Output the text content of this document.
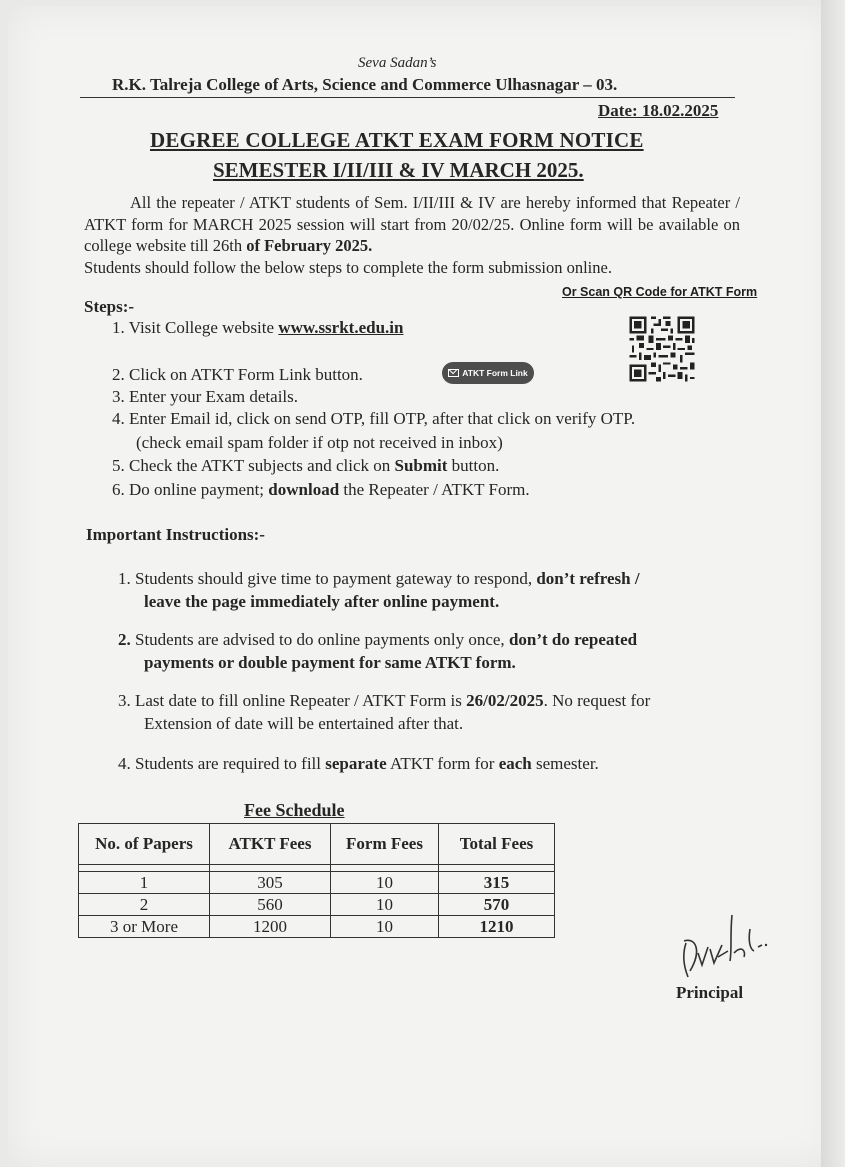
Seva Sadan’s
R.K. Talreja College of Arts, Science and Commerce Ulhasnagar – 03.
Date: 18.02.2025
DEGREE COLLEGE ATKT EXAM FORM NOTICE
SEMESTER I/II/III & IV MARCH 2025.

All the repeater / ATKT students of Sem. I/II/III & IV are hereby informed that Repeater / ATKT form for MARCH 2025 session will start from 20/02/25. Online form will be available on college website till 26th of February 2025.

Students should follow the below steps to complete the form submission online.

Or Scan QR Code for ATKT Form
Steps:-
1. Visit College website www.ssrkt.edu.in
2. Click on ATKT Form Link button.	ATKT Form Link
3. Enter your Exam details.
4. Enter Email id, click on send OTP, fill OTP, after that click on verify OTP.
(check email spam folder if otp not received in inbox)
5. Check the ATKT subjects and click on Submit button.
6. Do online payment; download the Repeater / ATKT Form.
Important Instructions:-
1. Students should give time to payment gateway to respond, don’t refresh /
leave the page immediately after online payment.
2. Students are advised to do online payments only once, don’t do repeated
payments or double payment for same ATKT form.
3. Last date to fill online Repeater / ATKT Form is 26/02/2025. No request for
Extension of date will be entertained after that.
4. Students are required to fill separate ATKT form for each semester.
Fee Schedule
No. of Papers	ATKT Fees	Form Fees	Total Fees

1	305	10	315
2	560	10	570
3 or More	1200	10	1210
Principal
